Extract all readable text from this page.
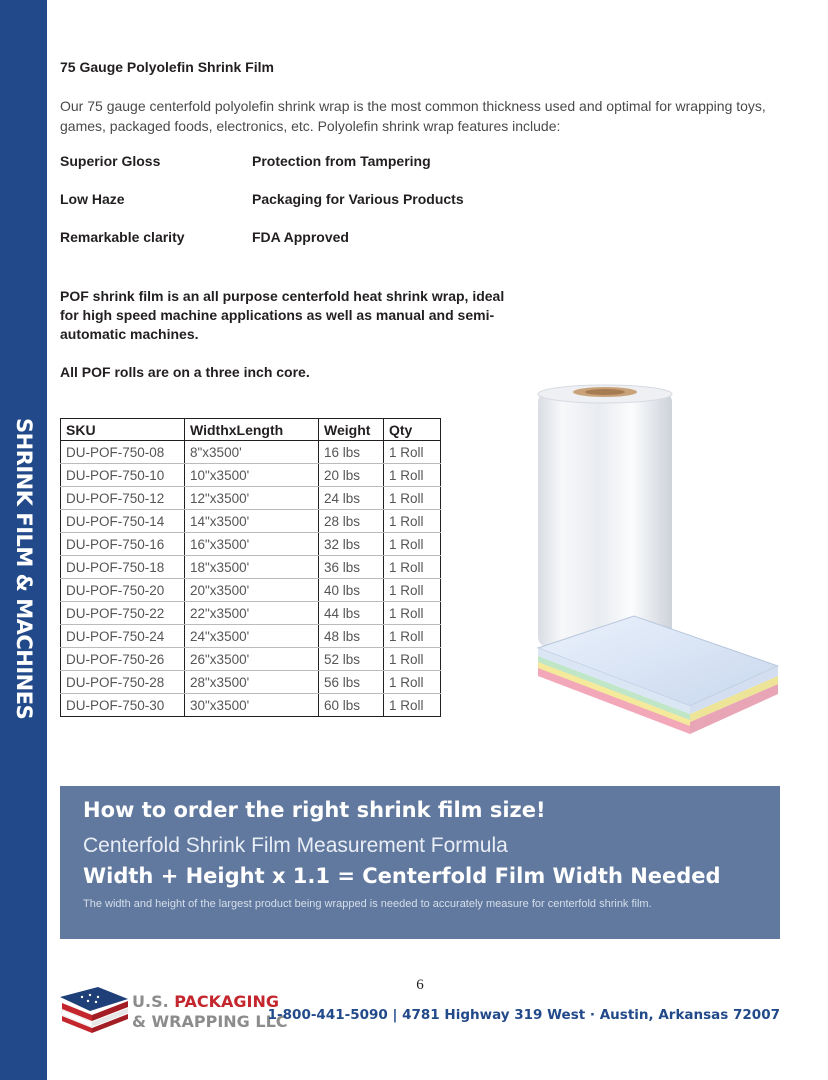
SHRINK FILM & MACHINES
75 Gauge Polyolefin Shrink Film

Our 75 gauge centerfold polyolefin shrink wrap is the most common thickness used and optimal for wrapping toys, games, packaged foods, electronics, etc. Polyolefin shrink wrap features include:

Superior Gloss	Protection from Tampering
Low Haze	Packaging for Various Products
Remarkable clarity	FDA Approved

POF shrink film is an all purpose centerfold heat shrink wrap, ideal for high speed machine applications as well as manual and semi-automatic machines.

All POF rolls are on a three inch core.

SKU	WidthxLength	Weight	Qty
DU-POF-750-08	8"x3500'	16 lbs	1 Roll
DU-POF-750-10	10"x3500'	20 lbs	1 Roll
DU-POF-750-12	12"x3500'	24 lbs	1 Roll
DU-POF-750-14	14"x3500'	28 lbs	1 Roll
DU-POF-750-16	16"x3500'	32 lbs	1 Roll
DU-POF-750-18	18"x3500'	36 lbs	1 Roll
DU-POF-750-20	20"x3500'	40 lbs	1 Roll
DU-POF-750-22	22"x3500'	44 lbs	1 Roll
DU-POF-750-24	24"x3500'	48 lbs	1 Roll
DU-POF-750-26	26"x3500'	52 lbs	1 Roll
DU-POF-750-28	28"x3500'	56 lbs	1 Roll
DU-POF-750-30	30"x3500'	60 lbs	1 Roll
How to order the right shrink film size!
Centerfold Shrink Film Measurement Formula
Width + Height x 1.1 = Centerfold Film Width Needed
The width and height of the largest product being wrapped is needed to accurately measure for centerfold shrink film.
6
U.S. PACKAGING
& WRAPPING LLC
1-800-441-5090 | 4781 Highway 319 West · Austin, Arkansas 72007
